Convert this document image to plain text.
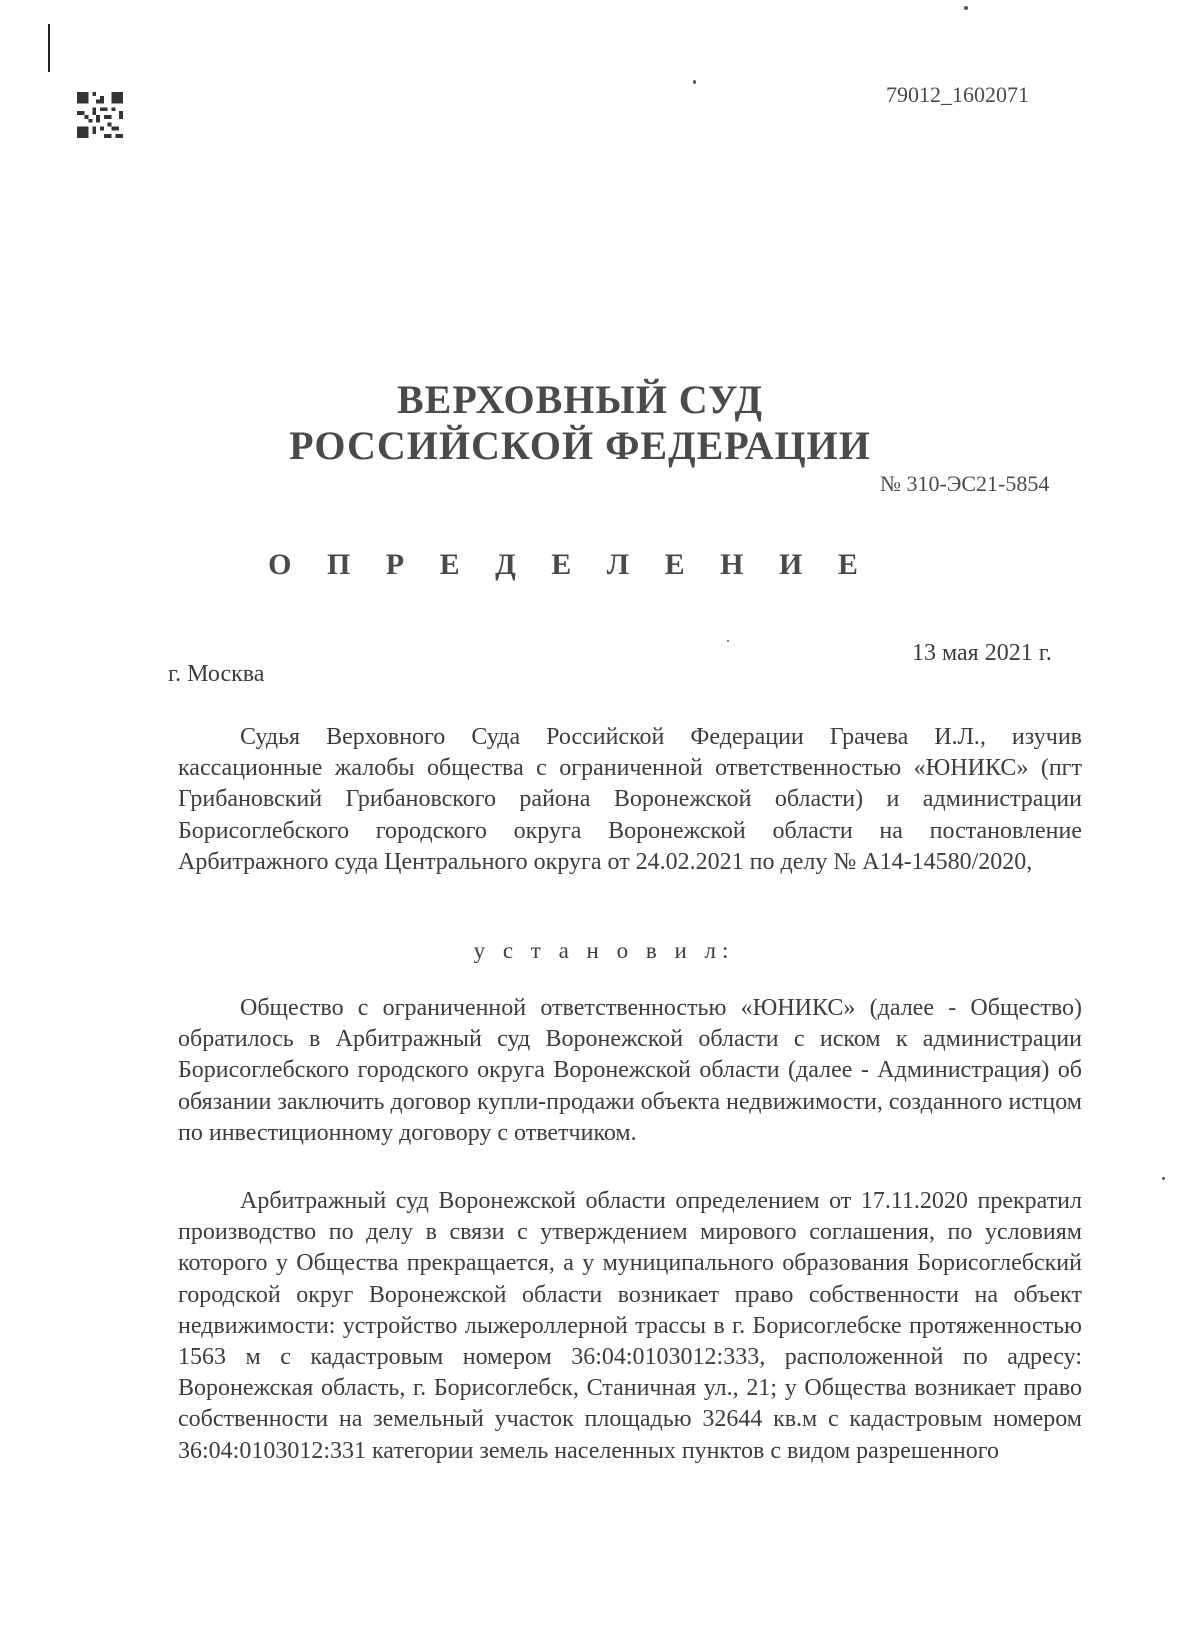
79012_1602071
ВЕРХОВНЫЙ СУД
РОССИЙСКОЙ ФЕДЕРАЦИИ
№ 310-ЭС21-5854
О П Р Е Д Е Л Е Н И Е
13 мая 2021 г.
г. Москва

Судья Верховного Суда Российской Федерации Грачева И.Л., изучив кассационные жалобы общества с ограниченной ответственностью «ЮНИКС» (пгт Грибановский Грибановского района Воронежской области) и администрации Борисоглебского городского округа Воронежской области на постановление Арбитражного суда Центрального округа от 24.02.2021 по делу № А14-14580/2020,

у с т а н о в и л:

Общество с ограниченной ответственностью «ЮНИКС» (далее - Общество) обратилось в Арбитражный суд Воронежской области с иском к администрации Борисоглебского городского округа Воронежской области (далее - Администрация) об обязании заключить договор купли-продажи объекта недвижимости, созданного истцом по инвестиционному договору с ответчиком.

Арбитражный суд Воронежской области определением от 17.11.2020 прекратил производство по делу в связи с утверждением мирового соглашения, по условиям которого у Общества прекращается, а у муниципального образования Борисоглебский городской округ Воронежской области возникает право собственности на объект недвижимости: устройство лыжероллерной трассы в г. Борисоглебске протяженностью 1563 м с кадастровым номером 36:04:0103012:333, расположенной по адресу: Воронежская область, г. Борисоглебск, Станичная ул., 21; у Общества возникает право собственности на земельный участок площадью 32644 кв.м с кадастровым номером 36:04:0103012:331 категории земель населенных пунктов с видом разрешенного
